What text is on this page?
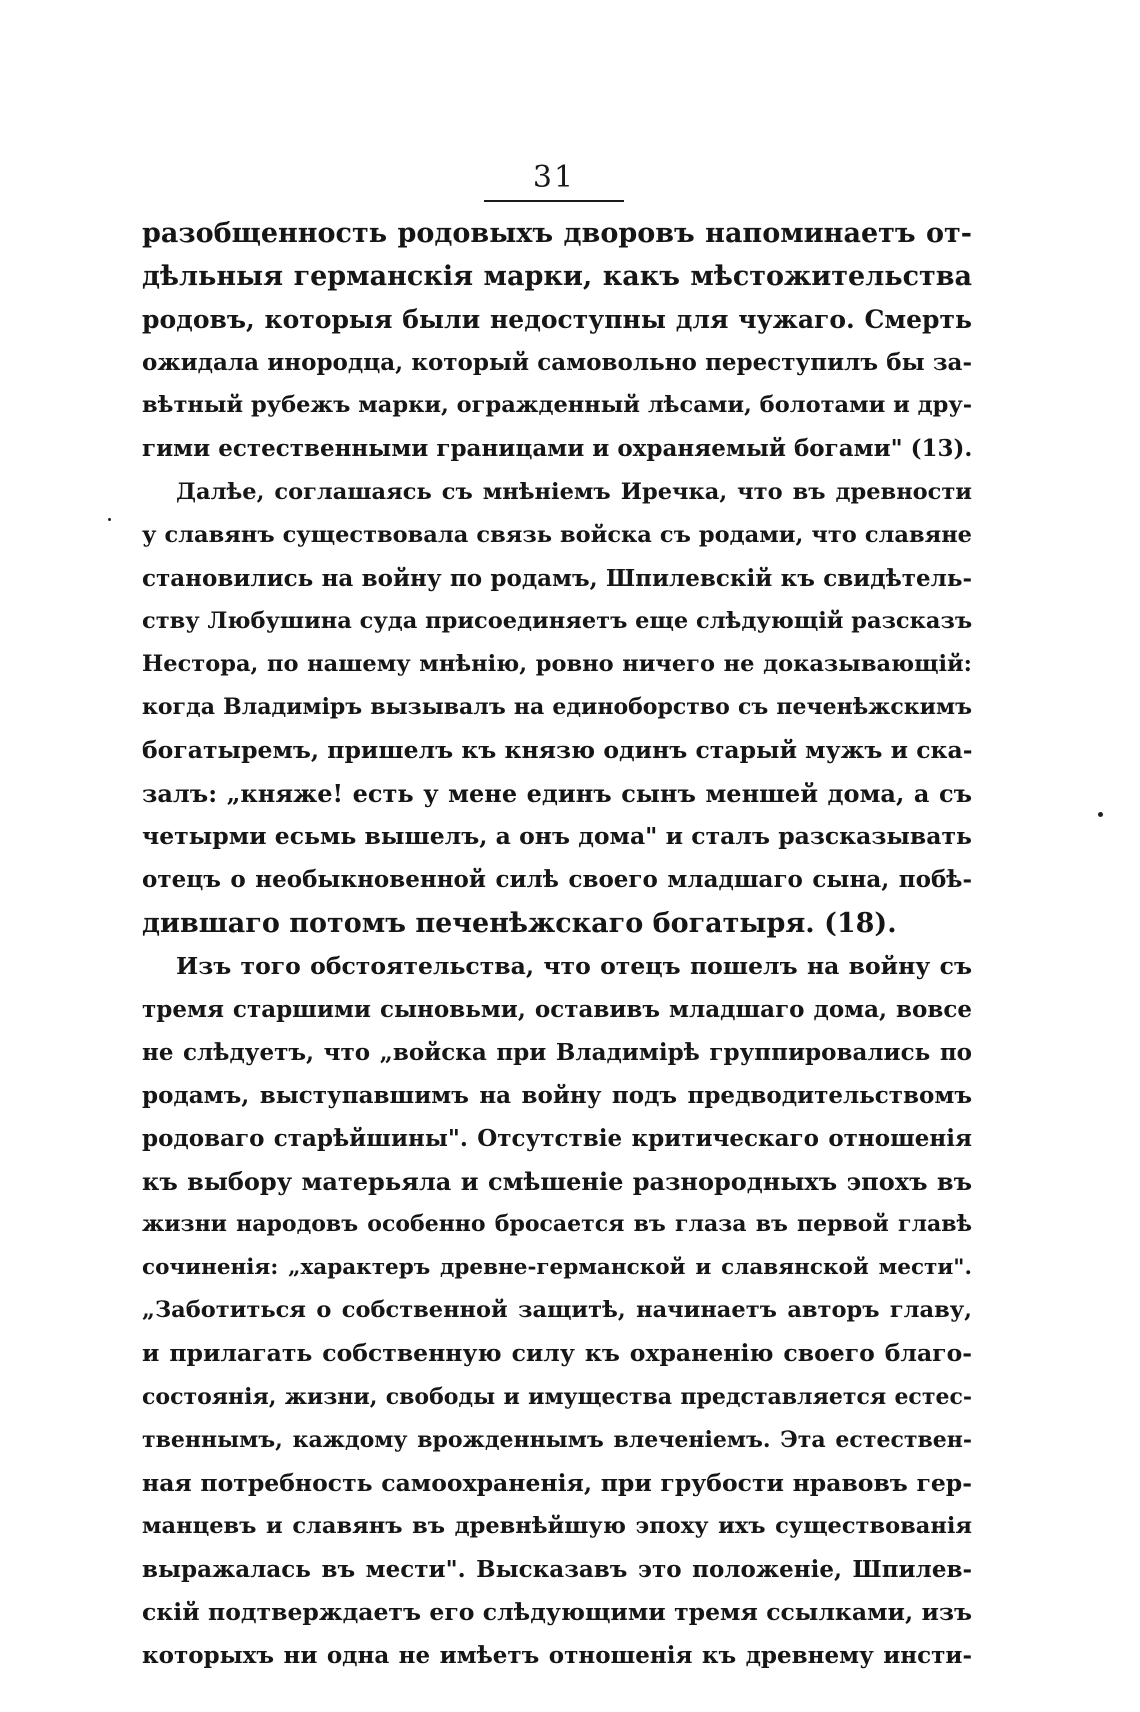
31
разобщенность родовыхъ дворовъ напоминаетъ от-
дѣльныя германскія марки, какъ мѣстожительства
родовъ, которыя были недоступны для чужаго. Смерть
ожидала инородца, который самовольно переступилъ бы за-
вѣтный рубежъ марки, огражденный лѣсами, болотами и дру-
гими естественными границами и охраняемый богами" (13).
Далѣе, соглашаясь съ мнѣніемъ Иречка, что въ древности
у славянъ существовала связь войска съ родами, что славяне
становились на войну по родамъ, Шпилевскій къ свидѣтель-
ству Любушина суда присоединяетъ еще слѣдующій разсказъ
Нестора, по нашему мнѣнію, ровно ничего не доказывающій:
когда Владиміръ вызывалъ на единоборство съ печенѣжскимъ
богатыремъ, пришелъ къ князю одинъ старый мужъ и ска-
залъ: „княже! есть у мене единъ сынъ меншей дома, а съ
четырми есьмь вышелъ, а онъ дома" и сталъ разсказывать
отецъ о необыкновенной силѣ своего младшаго сына, побѣ-
дившаго потомъ печенѣжскаго богатыря. (18).
Изъ того обстоятельства, что отецъ пошелъ на войну съ
тремя старшими сыновьми, оставивъ младшаго дома, вовсе
не слѣдуетъ, что „войска при Владимірѣ группировались по
родамъ, выступавшимъ на войну подъ предводительствомъ
родоваго старѣйшины". Отсутствіе критическаго отношенія
къ выбору матерьяла и смѣшеніе разнородныхъ эпохъ въ
жизни народовъ особенно бросается въ глаза въ первой главѣ
сочиненія: „характеръ древне-германской и славянской мести".
„Заботиться о собственной защитѣ, начинаетъ авторъ главу,
и прилагать собственную силу къ охраненію своего благо-
состоянія, жизни, свободы и имущества представляется естес-
твеннымъ, каждому врожденнымъ влеченіемъ. Эта естествен-
ная потребность самоохраненія, при грубости нравовъ гер-
манцевъ и славянъ въ древнѣйшую эпоху ихъ существованія
выражалась въ мести". Высказавъ это положеніе, Шпилев-
скій подтверждаетъ его слѣдующими тремя ссылками, изъ
которыхъ ни одна не имѣетъ отношенія къ древнему инсти-
